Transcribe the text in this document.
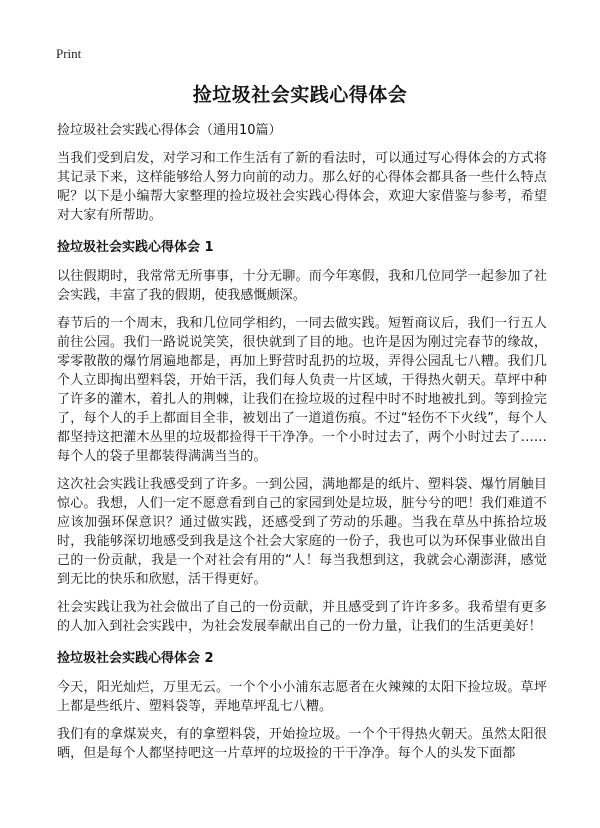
Print
捡垃圾社会实践心得体会
捡垃圾社会实践心得体会（通用10篇）

当我们受到启发，对学习和工作生活有了新的看法时，可以通过写心得体会的方式将其记录下来，这样能够给人努力向前的动力。那么好的心得体会都具备一些什么特点呢？以下是小编帮大家整理的捡垃圾社会实践心得体会，欢迎大家借鉴与参考，希望对大家有所帮助。

捡垃圾社会实践心得体会 1

以往假期时，我常常无所事事，十分无聊。而今年寒假，我和几位同学一起参加了社会实践，丰富了我的假期，使我感慨颇深。

春节后的一个周末，我和几位同学相约，一同去做实践。短暂商议后，我们一行五人前往公园。我们一路说说笑笑，很快就到了目的地。也许是因为刚过完春节的缘故，零零散散的爆竹屑遍地都是，再加上野营时乱扔的垃圾，弄得公园乱七八糟。我们几个人立即掏出塑料袋，开始干活，我们每人负责一片区域，干得热火朝天。草坪中种了许多的灌木，着扎人的荆棘，让我们在捡垃圾的过程中时不时地被扎到。等到捡完了，每个人的手上都面目全非，被划出了一道道伤痕。不过“轻伤不下火线”，每个人都坚持这把灌木丛里的垃圾都捡得干干净净。一个小时过去了，两个小时过去了……每个人的袋子里都装得满满当当的。

这次社会实践让我感受到了许多。一到公园，满地都是的纸片、塑料袋、爆竹屑触目惊心。我想，人们一定不愿意看到自己的家园到处是垃圾，脏兮兮的吧！我们难道不应该加强环保意识？通过做实践，还感受到了劳动的乐趣。当我在草丛中拣拾垃圾时，我能够深切地感受到我是这个社会大家庭的一份子，我也可以为环保事业做出自己的一份贡献，我是一个对社会有用的“人！每当我想到这，我就会心潮澎湃，感觉到无比的快乐和欣慰，活干得更好。

社会实践让我为社会做出了自己的一份贡献，并且感受到了许许多多。我希望有更多的人加入到社会实践中，为社会发展奉献出自己的一份力量，让我们的生活更美好！

捡垃圾社会实践心得体会 2

今天，阳光灿烂，万里无云。一个个小小浦东志愿者在火辣辣的太阳下捡垃圾。草坪上都是些纸片、塑料袋等，弄地草坪乱七八糟。

我们有的拿煤炭夹，有的拿塑料袋，开始捡垃圾。一个个干得热火朝天。虽然太阳很晒，但是每个人都坚持吧这一片草坪的垃圾捡的干干净净。每个人的头发下面都
